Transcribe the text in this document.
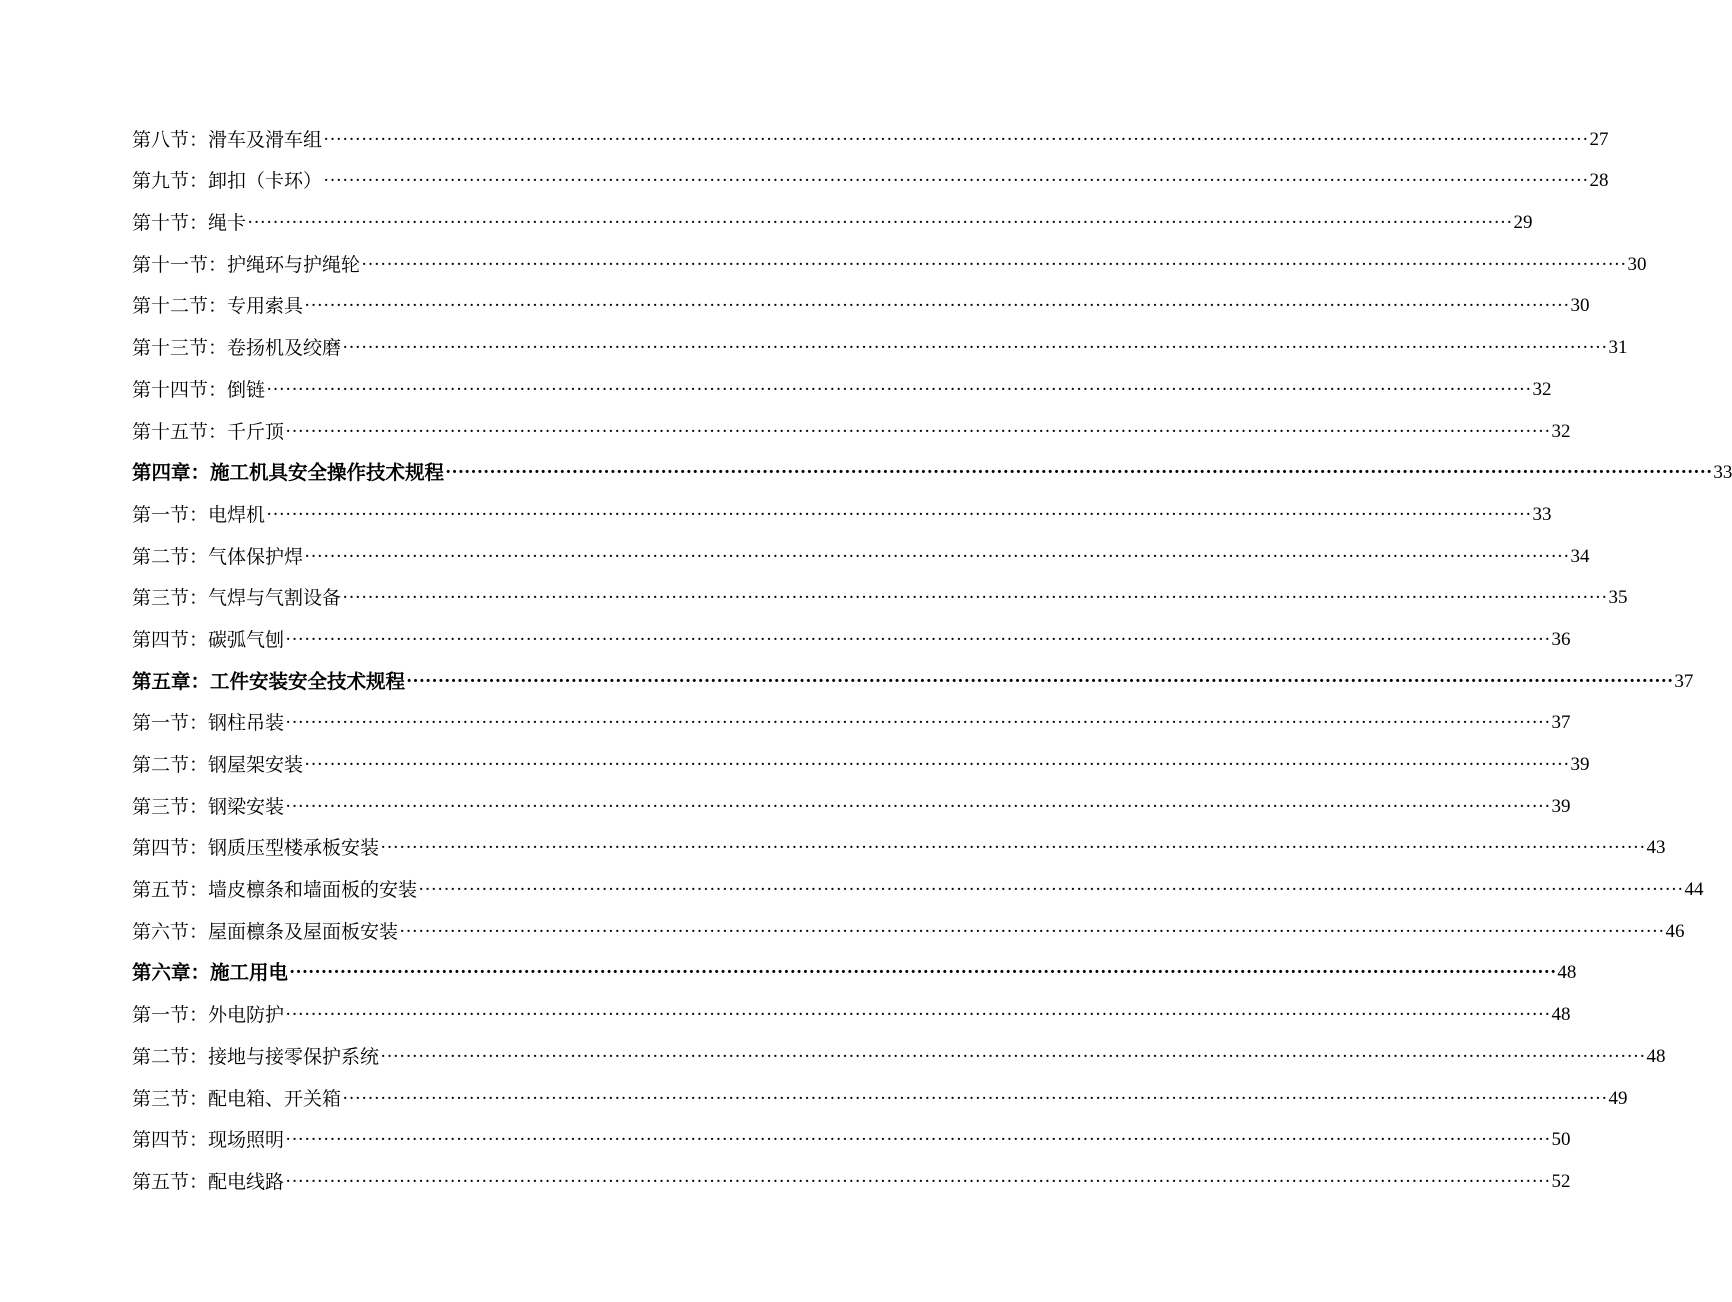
第八节：滑车及滑车组 ········································································································································································································ 27
第九节：卸扣（卡环） ········································································································································································································ 28
第十节：绳卡 ········································································································································································································ 29
第十一节：护绳环与护绳轮 ········································································································································································································ 30
第十二节：专用索具 ········································································································································································································ 30
第十三节：卷扬机及绞磨 ········································································································································································································ 31
第十四节：倒链 ········································································································································································································ 32
第十五节：千斤顶 ········································································································································································································ 32
第四章：施工机具安全操作技术规程 ········································································································································································································ 33
第一节：电焊机 ········································································································································································································ 33
第二节：气体保护焊 ········································································································································································································ 34
第三节：气焊与气割设备 ········································································································································································································ 35
第四节：碳弧气刨 ········································································································································································································ 36
第五章：工件安装安全技术规程 ········································································································································································································ 37
第一节：钢柱吊装 ········································································································································································································ 37
第二节：钢屋架安装 ········································································································································································································ 39
第三节：钢梁安装 ········································································································································································································ 39
第四节：钢质压型楼承板安装 ········································································································································································································ 43
第五节：墙皮檩条和墙面板的安装 ········································································································································································································ 44
第六节：屋面檩条及屋面板安装 ········································································································································································································ 46
第六章：施工用电 ········································································································································································································ 48
第一节：外电防护 ········································································································································································································ 48
第二节：接地与接零保护系统 ········································································································································································································ 48
第三节：配电箱、开关箱 ········································································································································································································ 49
第四节：现场照明 ········································································································································································································ 50
第五节：配电线路 ········································································································································································································ 52
